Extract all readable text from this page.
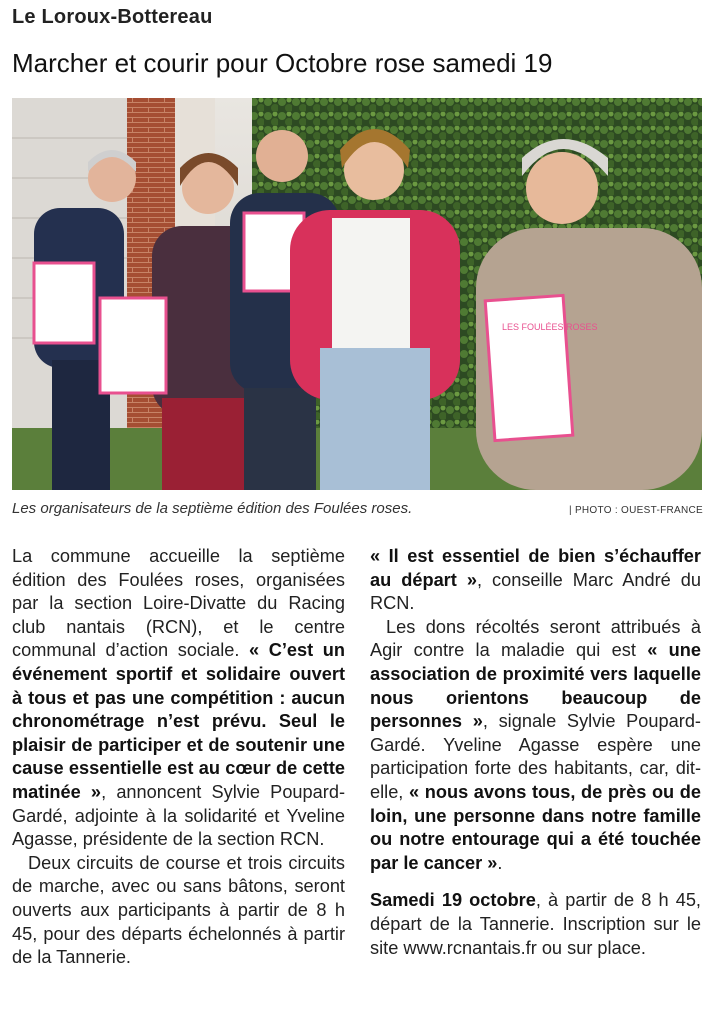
Le Loroux-Bottereau
Marcher et courir pour Octobre rose samedi 19
LES FOULÉES ROSES
Les organisateurs de la septième édition des Foulées roses.	| PHOTO : OUEST-FRANCE

La commune accueille la septième édition des Foulées roses, organisées par la section Loire-Divatte du Racing club nantais (RCN), et le centre communal d’action sociale. « C’est un événement sportif et solidaire ouvert à tous et pas une compétition : aucun chronométrage n’est prévu. Seul le plaisir de participer et de soutenir une cause essentielle est au cœur de cette matinée », annoncent Sylvie Poupard-Gardé, adjointe à la solidarité et Yveline Agasse, présidente de la section RCN.

Deux circuits de course et trois circuits de marche, avec ou sans bâtons, seront ouverts aux participants à partir de 8 h 45, pour des départs échelonnés à partir de la Tannerie.

« Il est essentiel de bien s’échauffer au départ », conseille Marc André du RCN.

Les dons récoltés seront attribués à Agir contre la maladie qui est « une association de proximité vers laquelle nous orientons beaucoup de personnes », signale Sylvie Poupard-Gardé. Yveline Agasse espère une participation forte des habitants, car, dit-elle, « nous avons tous, de près ou de loin, une personne dans notre famille ou notre entourage qui a été touchée par le cancer ».

Samedi 19 octobre, à partir de 8 h 45, départ de la Tannerie. Inscription sur le site www.rcnantais.fr ou sur place.
